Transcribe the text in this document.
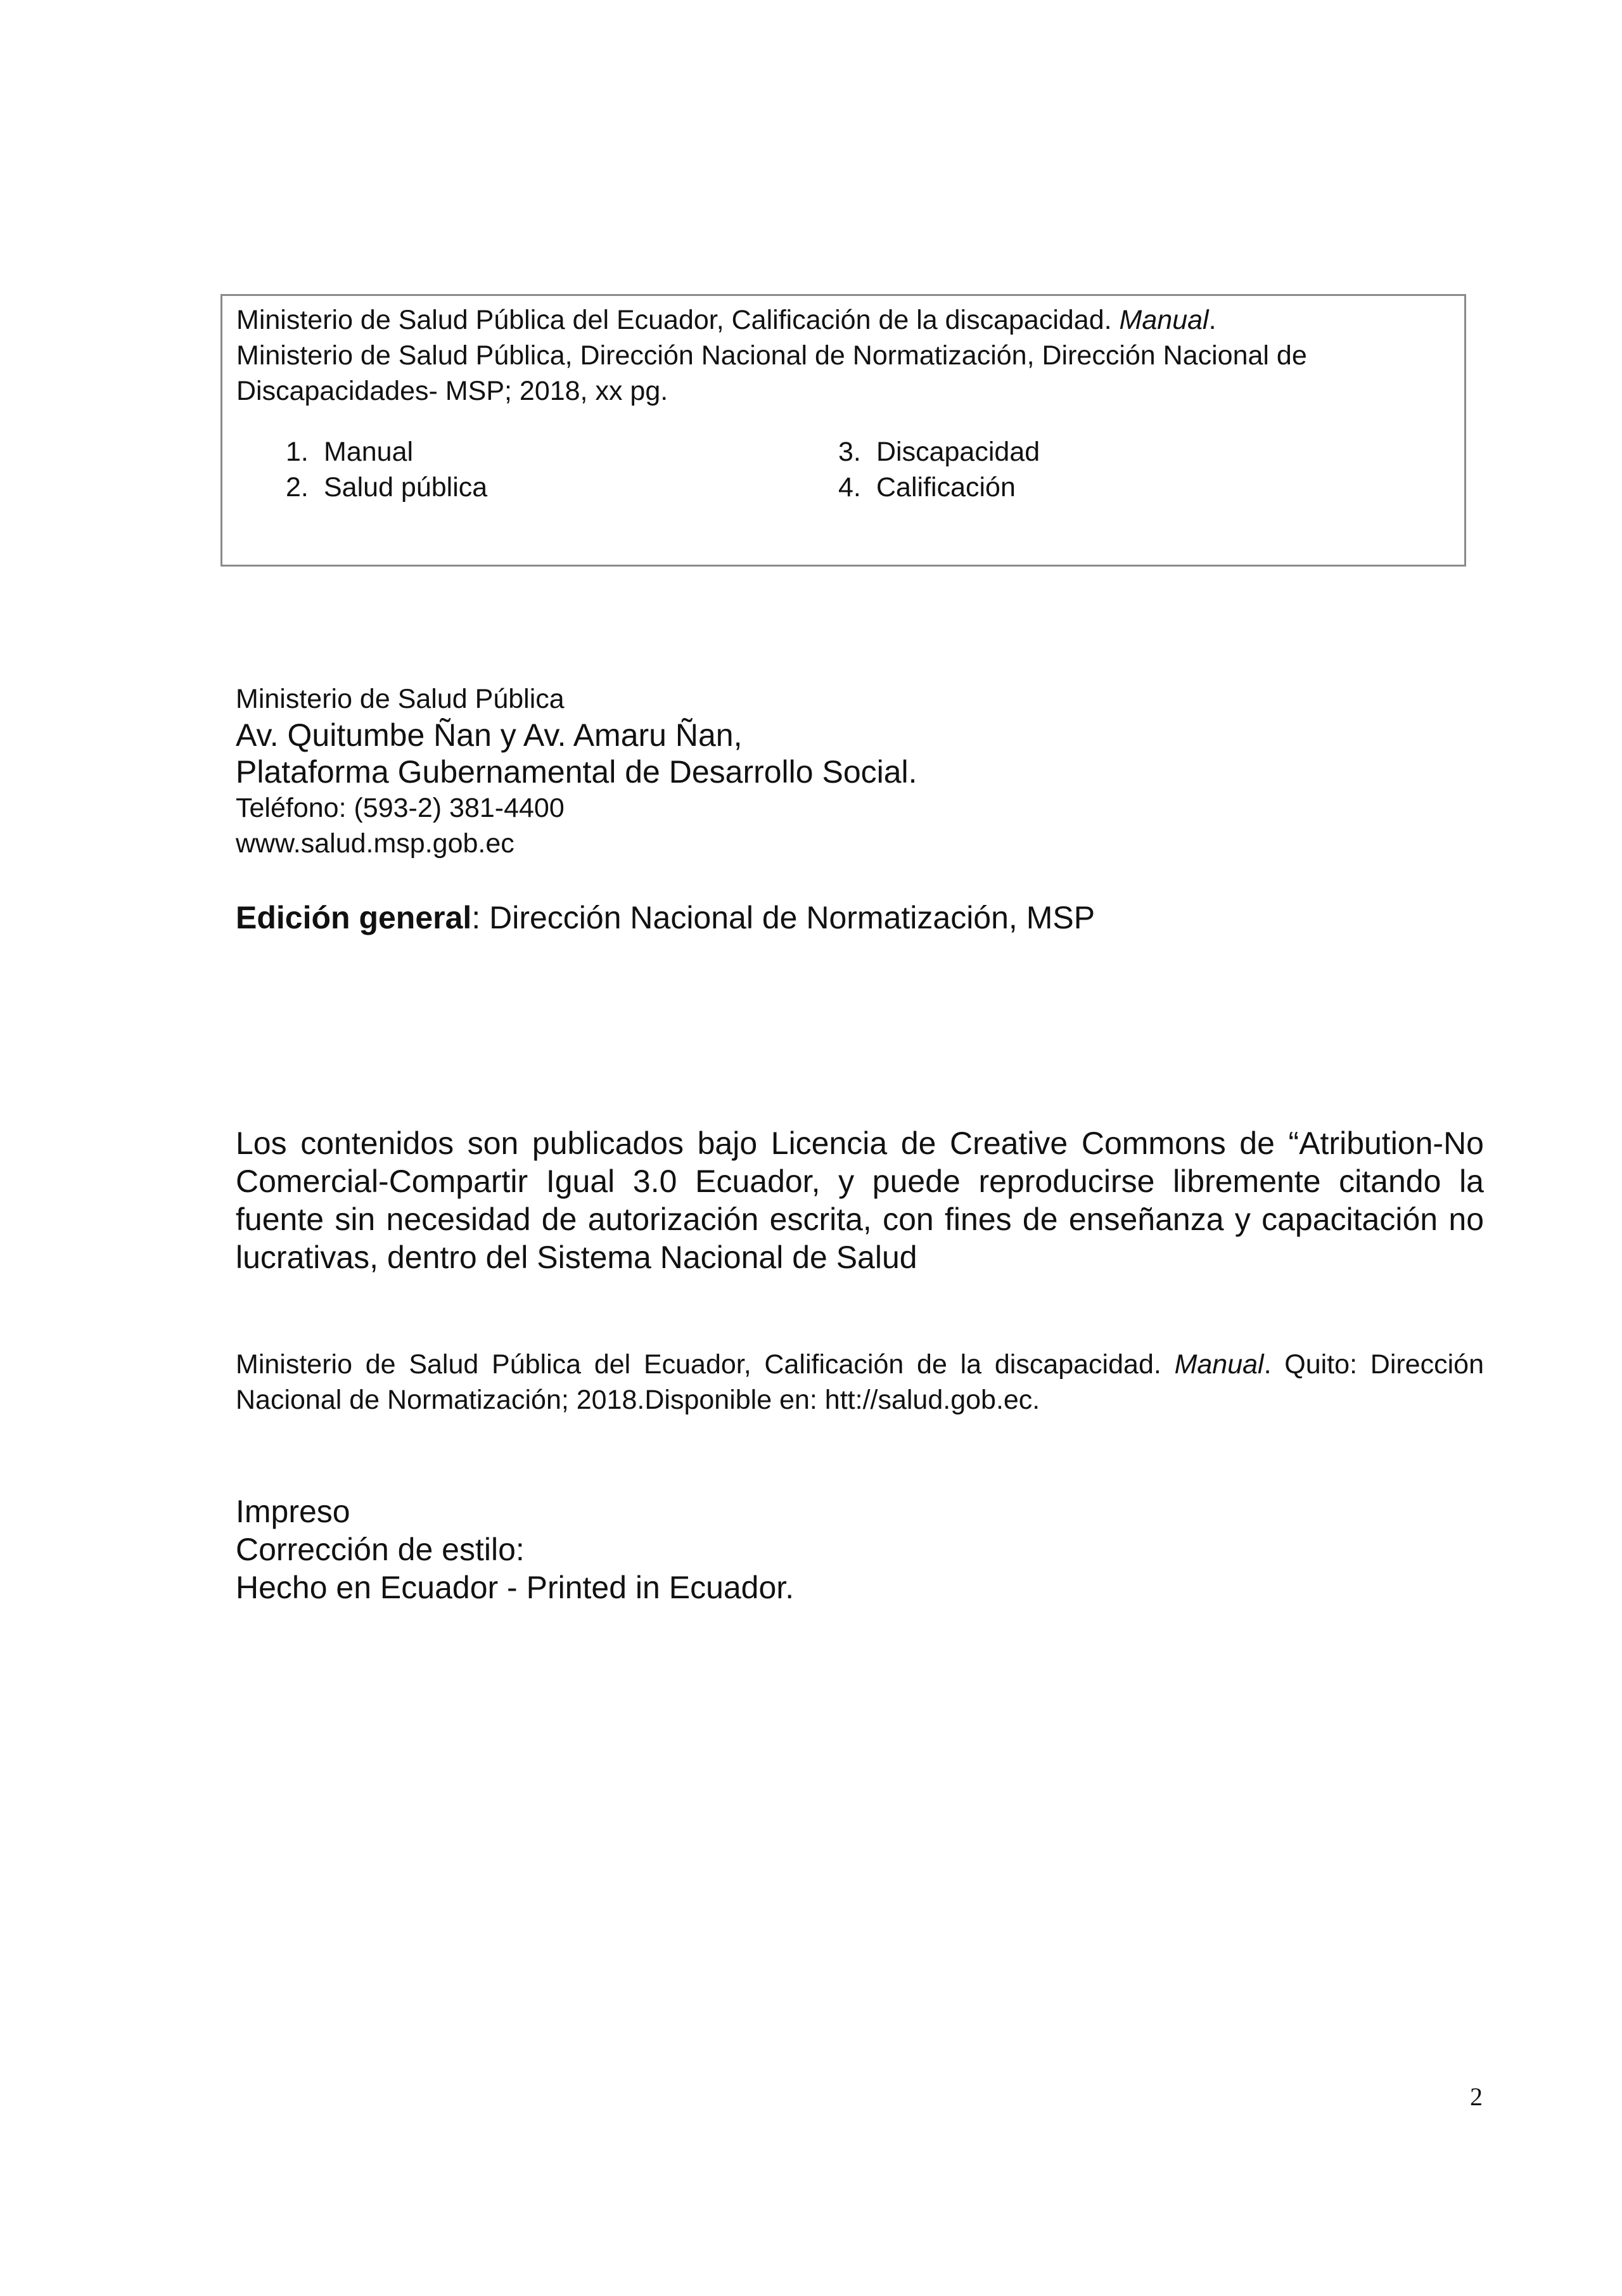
Ministerio de Salud Pública del Ecuador, Calificación de la discapacidad. Manual.

Ministerio de Salud Pública, Dirección Nacional de Normatización, Dirección Nacional de

Discapacidades- MSP; 2018, xx pg.

1. Manual
2. Salud pública
3. Discapacidad
4. Calificación
Ministerio de Salud Pública
Av. Quitumbe Ñan y Av. Amaru Ñan,
Plataforma Gubernamental de Desarrollo Social.
Teléfono: (593-2) 381-4400
www.salud.msp.gob.ec
Edición general: Dirección Nacional de Normatización, MSP

Los contenidos son publicados bajo Licencia de Creative Commons de “Atribution-No Comercial-Compartir Igual 3.0 Ecuador, y puede reproducirse libremente citando la fuente sin necesidad de autorización escrita, con fines de enseñanza y capacitación no lucrativas, dentro del Sistema Nacional de Salud

Ministerio de Salud Pública del Ecuador, Calificación de la discapacidad. Manual. Quito: Dirección Nacional de Normatización; 2018.Disponible en: htt://salud.gob.ec.

Impreso
Corrección de estilo:
Hecho en Ecuador - Printed in Ecuador.
2
